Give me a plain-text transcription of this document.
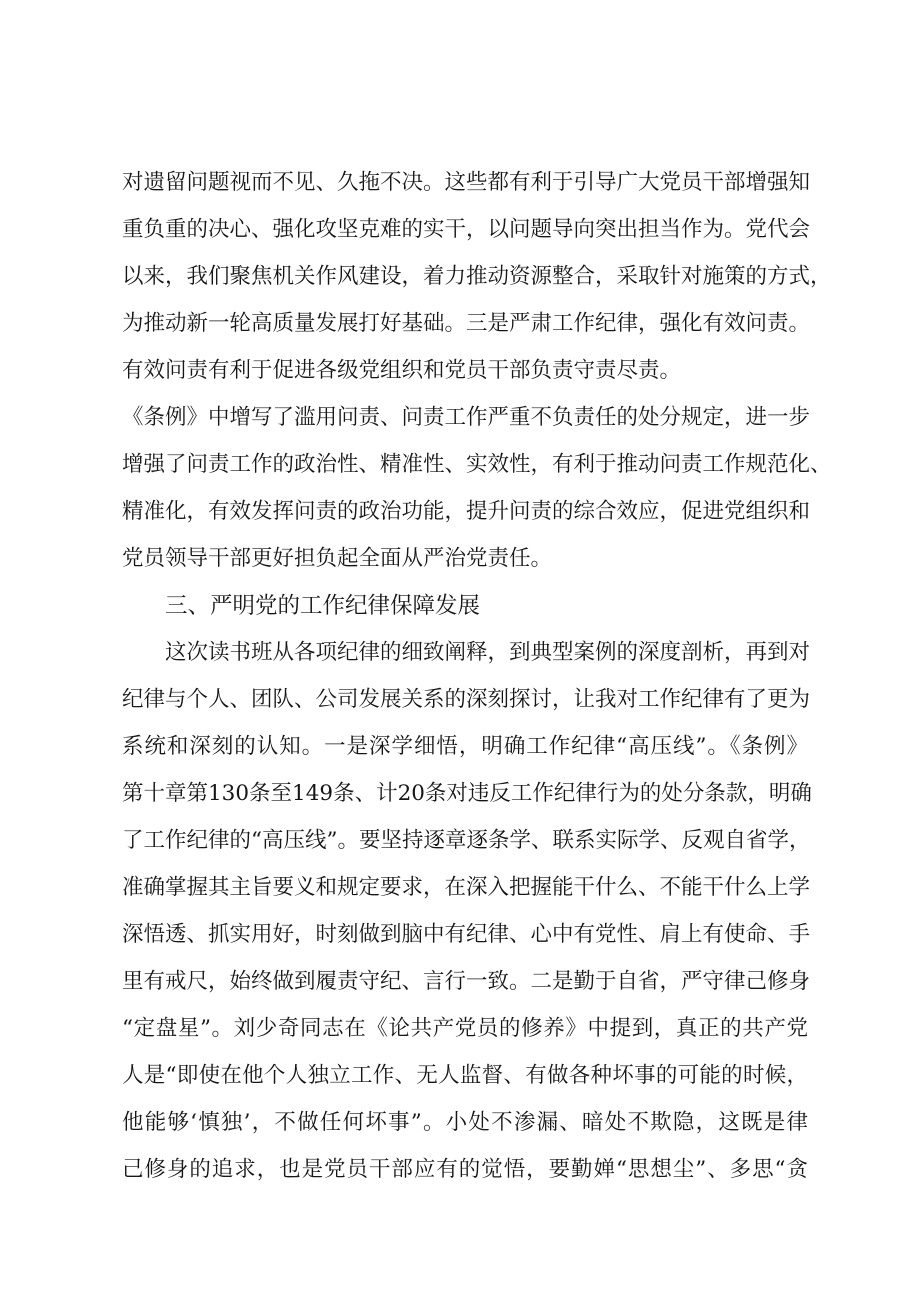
对遗留问题视而不见、久拖不决。这些都有利于引导广大党员干部增强知
重负重的决心、强化攻坚克难的实干，以问题导向突出担当作为。党代会
以来，我们聚焦机关作风建设，着力推动资源整合，采取针对施策的方式，
为推动新一轮高质量发展打好基础。三是严肃工作纪律，强化有效问责。
有效问责有利于促进各级党组织和党员干部负责守责尽责。
《条例》中增写了滥用问责、问责工作严重不负责任的处分规定，进一步
增强了问责工作的政治性、精准性、实效性，有利于推动问责工作规范化、
精准化，有效发挥问责的政治功能，提升问责的综合效应，促进党组织和
党员领导干部更好担负起全面从严治党责任。
三、严明党的工作纪律保障发展
这次读书班从各项纪律的细致阐释，到典型案例的深度剖析，再到对
纪律与个人、团队、公司发展关系的深刻探讨，让我对工作纪律有了更为
系统和深刻的认知。一是深学细悟，明确工作纪律“高压线”。《条例》
第十章第130条至149条、计20条对违反工作纪律行为的处分条款，明确
了工作纪律的“高压线”。要坚持逐章逐条学、联系实际学、反观自省学，
准确掌握其主旨要义和规定要求，在深入把握能干什么、不能干什么上学
深悟透、抓实用好，时刻做到脑中有纪律、心中有党性、肩上有使命、手
里有戒尺，始终做到履责守纪、言行一致。二是勤于自省，严守律己修身
“定盘星”。刘少奇同志在《论共产党员的修养》中提到，真正的共产党
人是“即使在他个人独立工作、无人监督、有做各种坏事的可能的时候，
他能够‘慎独’，不做任何坏事”。小处不渗漏、暗处不欺隐，这既是律
己修身的追求，也是党员干部应有的觉悟，要勤婵“思想尘”、多思“贪
